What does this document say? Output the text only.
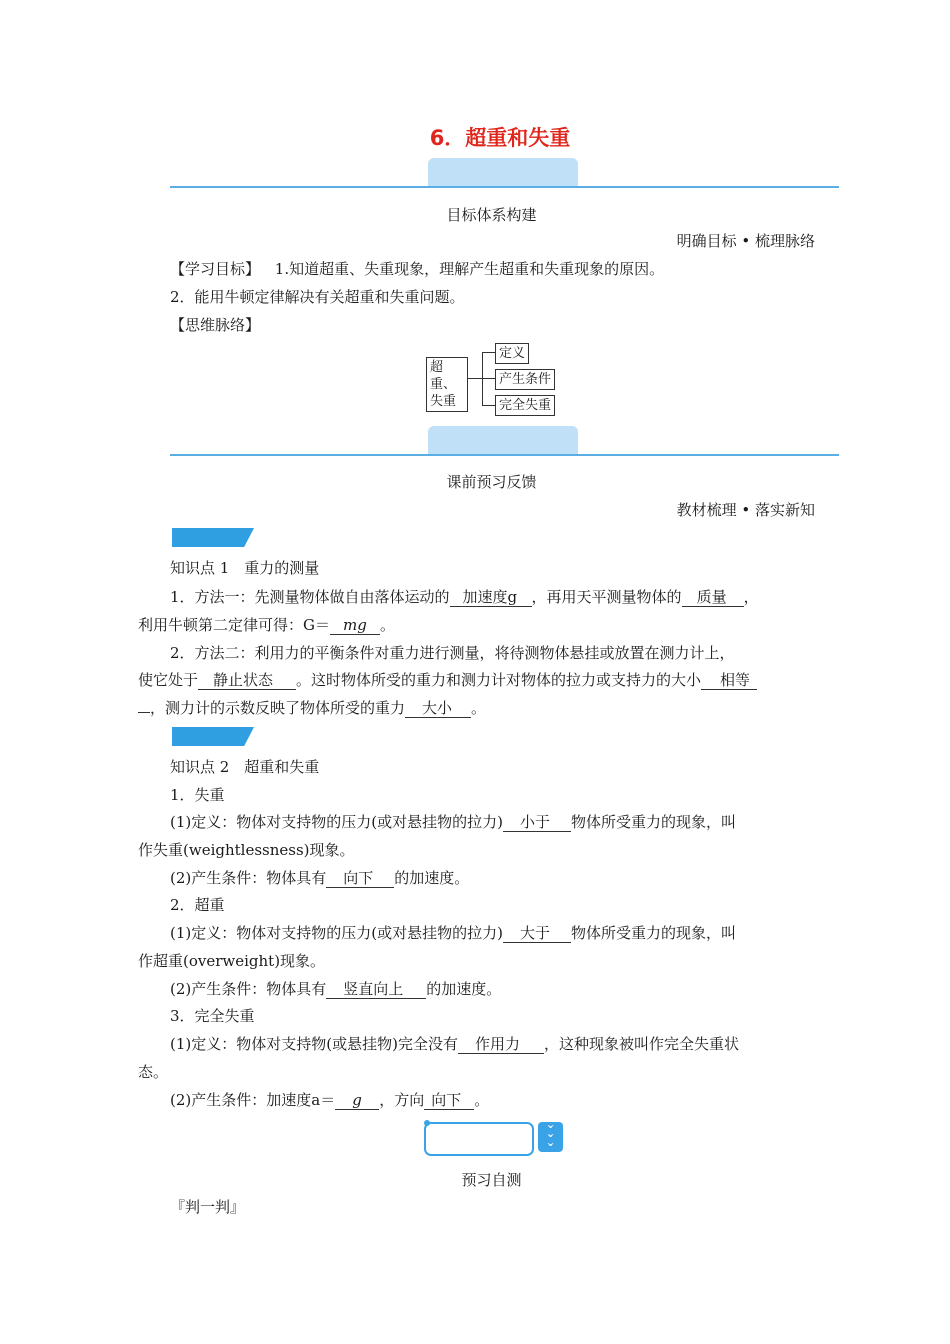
6．超重和失重
目标体系构建
明确目标 • 梳理脉络
【学习目标】 1.知道超重、失重现象，理解产生超重和失重现象的原因。
2．能用牛顿定律解决有关超重和失重问题。
【思维脉络】
超重、
失重
定义
产生条件
完全失重
课前预习反馈
教材梳理 • 落实新知
知识点 1　重力的测量
1．方法一：先测量物体做自由落体运动的 加速度g ，再用天平测量物体的 质量 ，
利用牛顿第二定律可得：G＝ mg 。
2．方法二：利用力的平衡条件对重力进行测量，将待测物体悬挂或放置在测力计上，
使它处于 静止状态 。这时物体所受的重力和测力计对物体的拉力或支持力的大小 相等
，测力计的示数反映了物体所受的重力 大小 。
知识点 2　超重和失重
1．失重
(1)定义：物体对支持物的压力(或对悬挂物的拉力) 小于 物体所受重力的现象，叫
作失重(weightlessness)现象。
(2)产生条件：物体具有 向下 的加速度。
2．超重
(1)定义：物体对支持物的压力(或对悬挂物的拉力) 大于 物体所受重力的现象，叫
作超重(overweight)现象。
(2)产生条件：物体具有 竖直向上 的加速度。
3．完全失重
(1)定义：物体对支持物(或悬挂物)完全没有 作用力 ，这种现象被叫作完全失重状
态。
(2)产生条件：加速度a＝ g ，方向 向下 。
›
›
›
预习自测
『判一判』
